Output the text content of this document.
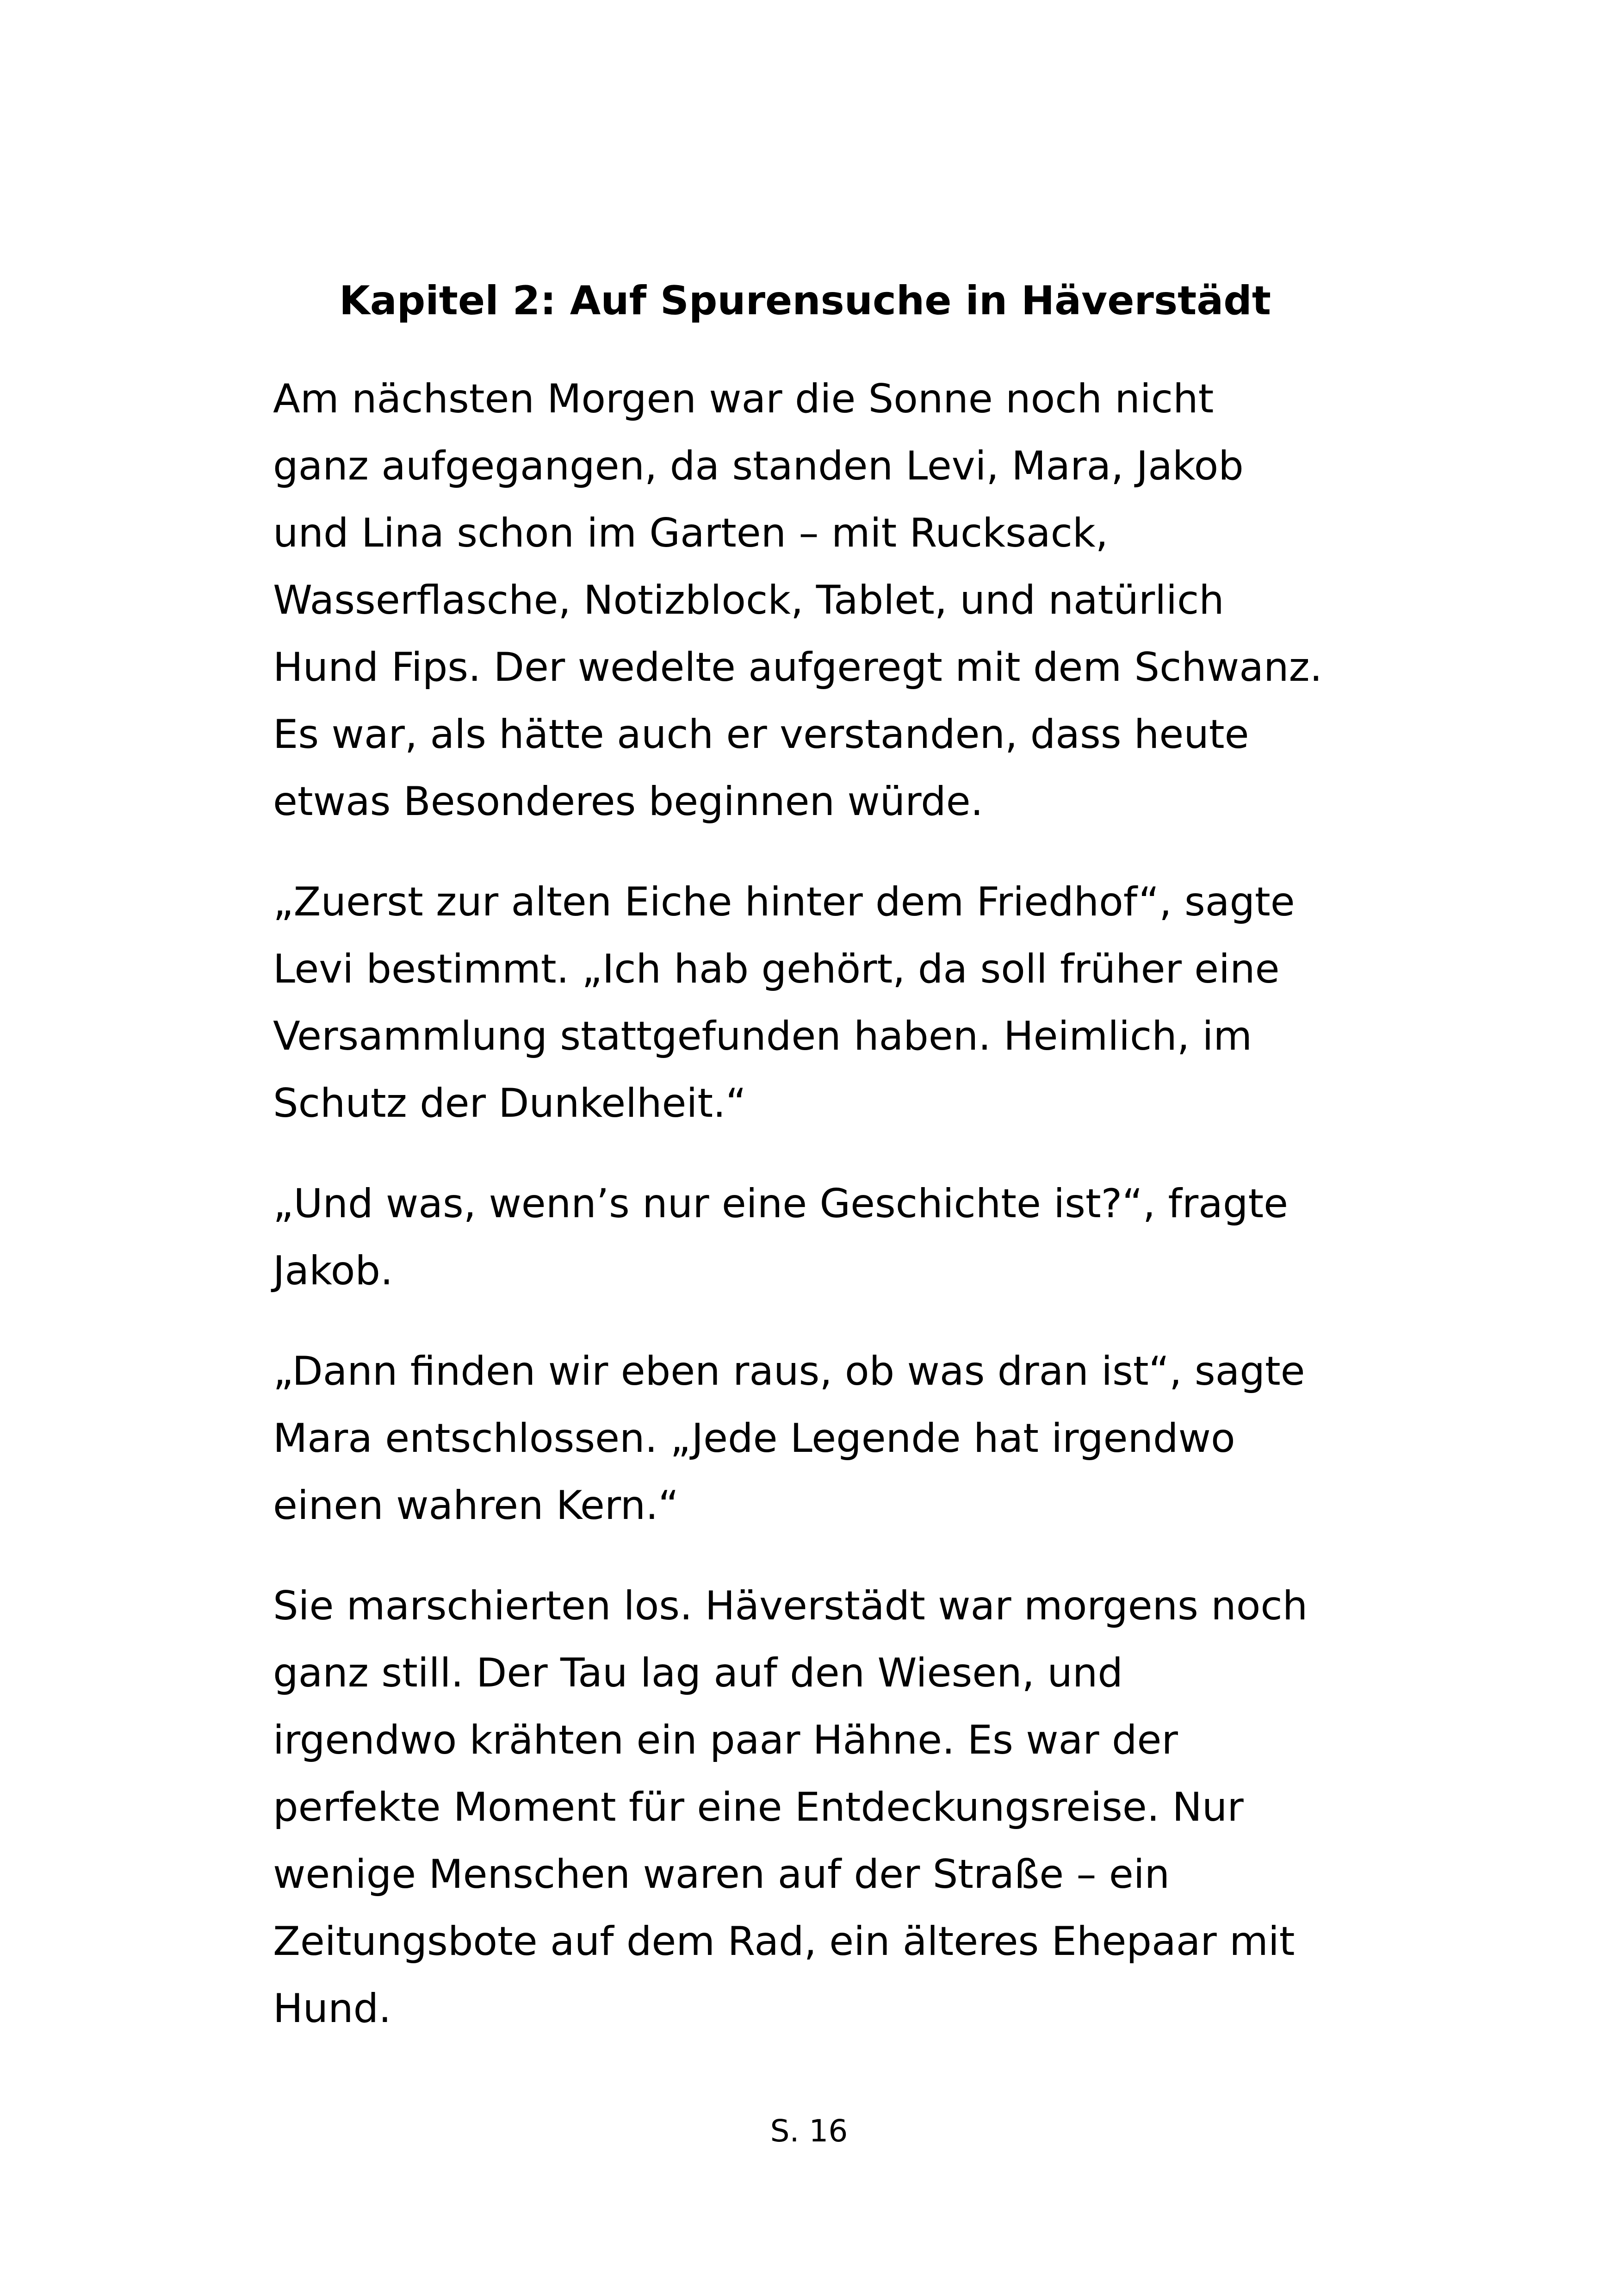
Kapitel 2: Auf Spurensuche in Häverstädt

Am nächsten Morgen war die Sonne noch nicht
ganz aufgegangen, da standen Levi, Mara, Jakob
und Lina schon im Garten – mit Rucksack,
Wasserflasche, Notizblock, Tablet, und natürlich
Hund Fips. Der wedelte aufgeregt mit dem Schwanz.
Es war, als hätte auch er verstanden, dass heute
etwas Besonderes beginnen würde.

„Zuerst zur alten Eiche hinter dem Friedhof“, sagte
Levi bestimmt. „Ich hab gehört, da soll früher eine
Versammlung stattgefunden haben. Heimlich, im
Schutz der Dunkelheit.“

„Und was, wenn’s nur eine Geschichte ist?“, fragte
Jakob.

„Dann finden wir eben raus, ob was dran ist“, sagte
Mara entschlossen. „Jede Legende hat irgendwo
einen wahren Kern.“

Sie marschierten los. Häverstädt war morgens noch
ganz still. Der Tau lag auf den Wiesen, und
irgendwo krähten ein paar Hähne. Es war der
perfekte Moment für eine Entdeckungsreise. Nur
wenige Menschen waren auf der Straße – ein
Zeitungsbote auf dem Rad, ein älteres Ehepaar mit
Hund.

S. 16
